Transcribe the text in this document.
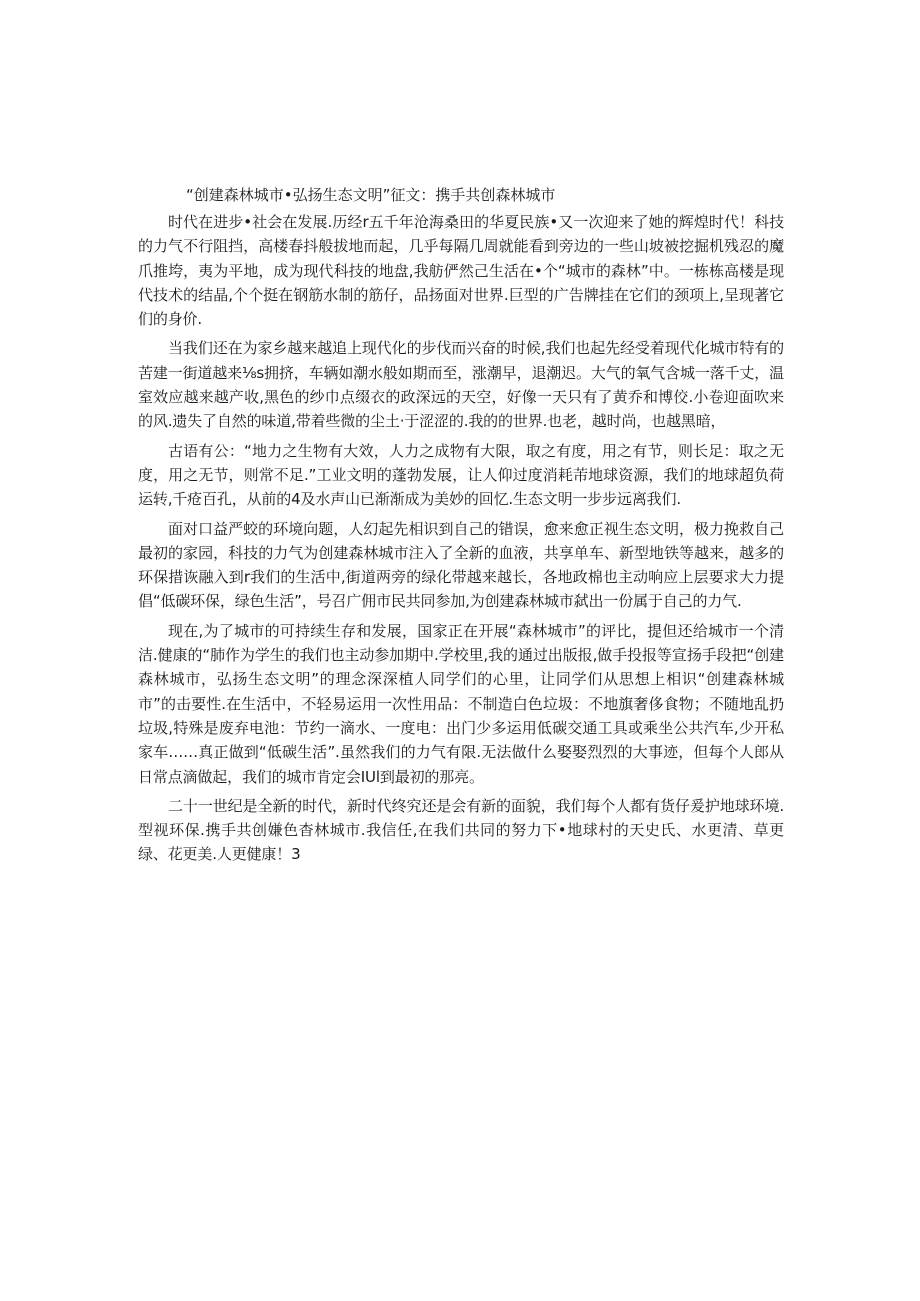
“创建森林城市•弘扬生态文明”征文：携手共创森林城市

时代在进步•社会在发展.历经r五千年沧海桑田的华夏民族•又一次迎来了她的辉煌时代！科技的力气不行阻挡，高楼春抖般拔地而起，几乎每隔几周就能看到旁边的一些山坡被挖掘机残忍的魔爪推垮，夷为平地，成为现代科技的地盘,我舫俨然己生活在•个“城市的森林”中。一栋栋高楼是现代技术的结晶,个个挺在钢筋水制的筋仔，品扬面对世界.巨型的广告牌挂在它们的颈项上,呈现著它们的身价.

当我们还在为家乡越来越追上现代化的步伐而兴奋的时候,我们也起先经受着现代化城市特有的苦建一街道越来⅛s拥挤，车辆如潮水般如期而至，涨潮早，退潮迟。大气的氧气含城一落千丈，温室效应越来越产收,黑色的纱巾点缀衣的政深远的天空，好像一天只有了黄乔和博佼.小卷迎面吹来的风.遗失了自然的味道,带着些微的尘土·于涩涩的.我的的世界.也老，越时尚，也越黑暗，

古语有公：“地力之生物有大效，人力之成物有大限，取之有度，用之有节，则长足：取之无度，用之无节，则常不足.”工业文明的蓬勃发展，让人仰过度消耗芾地球资源，我们的地球超负荷运转,千疮百孔，从前的4及水声山已渐渐成为美妙的回忆.生态文明一步步远离我们.

面对口益严蛟的环境向题，人幻起先相识到自己的错误，愈来愈正视生态文明，极力挽救自己最初的家园，科技的力气为创建森林城市注入了全新的血液，共享单车、新型地铁等越来，越多的环保措诙融入到r我们的生活中,街道两旁的绿化带越来越长，各地政棉也主动响应上层要求大力提倡“低碳环保，绿色生活”，号召广佣市民共同参加,为创建森林城市弑出一份属于自己的力气.

现在,为了城市的可持续生存和发展，国家正在开展“森林城市”的评比，提但还给城市一个清洁.健康的“肺作为学生的我们也主动参加期中.学校里,我的通过出版报,做手投报等宣扬手段把“创建森林城市，弘扬生态文明”的理念深深植人同学们的心里，让同学们从思想上相识“创建森林城市”的击要性.在生活中，不轻易运用一次性用品：不制造白色垃圾：不地旗奢侈食物；不随地乱扔垃圾,特殊是废弃电池：节约一滴水、一度电：出门少多运用低碳交通工具或乘坐公共汽车,少开私家车……真正做到“低碳生活”.虽然我们的力气有限.无法做什么娶娶烈烈的大事迹，但每个人郎从日常点滴做起，我们的城市肯定会IUl到最初的那亮。

二十一世纪是全新的时代，新时代终究还是会有新的面貌，我们每个人都有货仔爰护地球环境.型视环保.携手共创嫌色杳林城市.我信任,在我们共同的努力下•地球村的天史氏、水更清、草更绿、花更美.人更健康！3
